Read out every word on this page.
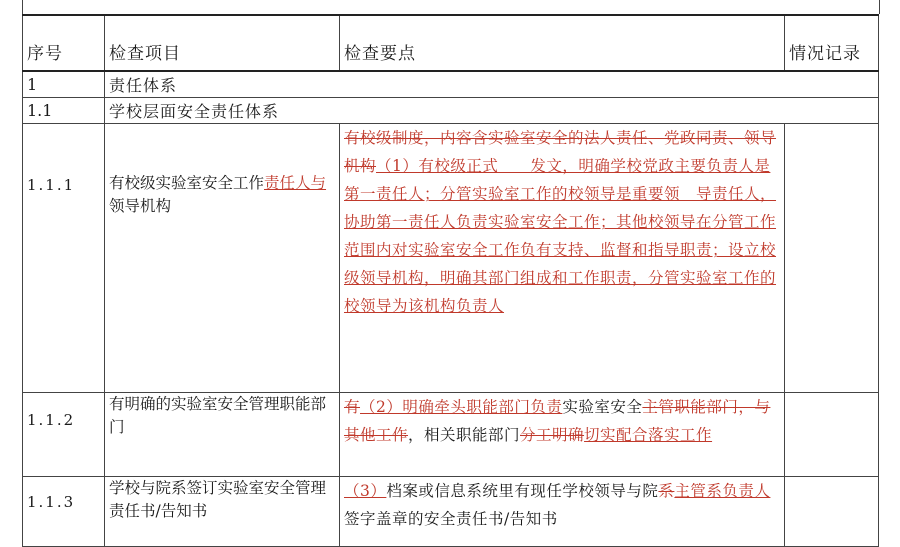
序号	检查项目	检查要点	情况记录
1	责任体系		
1.1	学校层面安全责任体系		
1.1.1	有校级实验室安全工作责任人与领导机构	有校级制度，内容含实验室安全的法人责任、党政同责、领导机构（1）有校级正式　　发文，明确学校党政主要负责人是第一责任人；分管实验室工作的校领导是重要领　导责任人，协助第一责任人负责实验室安全工作；其他校领导在分管工作范围内对实验室安全工作负有支持、监督和指导职责；设立校级领导机构，明确其部门组成和工作职责，分管实验室工作的校领导为该机构负责人	
1.1.2	有明确的实验室安全管理职能部门	有（2）明确牵头职能部门负责实验室安全主管职能部门，与其他工作，相关职能部门分工明确切实配合落实工作	
1.1.3	学校与院系签订实验室安全管理责任书/告知书	（3）档案或信息系统里有现任学校领导与院系主管系负责人签字盖章的安全责任书/告知书	
